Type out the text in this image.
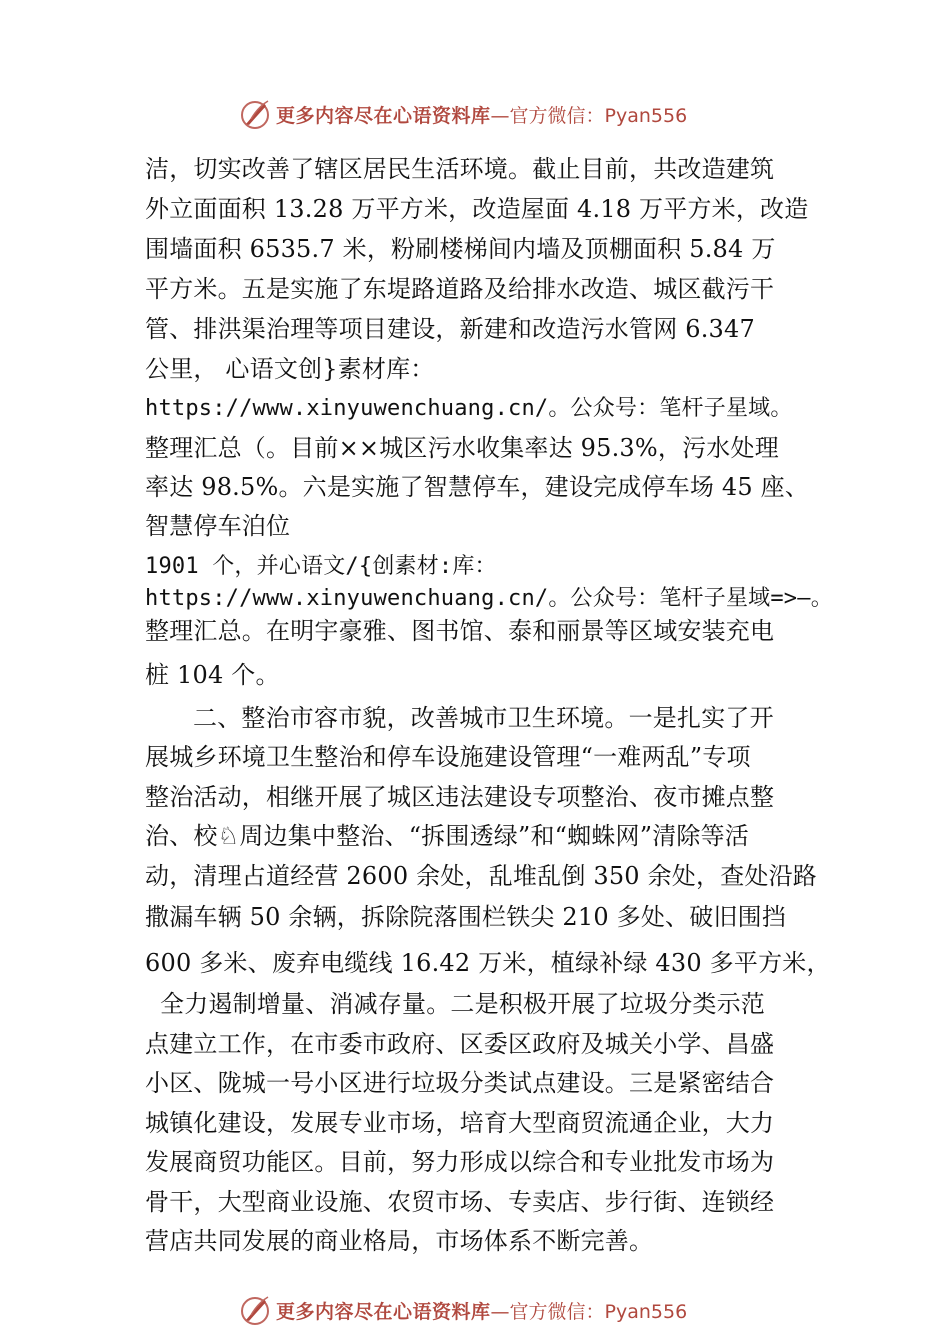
更多内容尽在心语资料库 —官方微信：Pyan556
洁，切实改善了辖区居民生活环境。截止目前，共改造建筑
外立面面积 13.28 万平方米，改造屋面 4.18 万平方米，改造
围墙面积 6535.7 米，粉刷楼梯间内墙及顶棚面积 5.84 万
平方米。五是实施了东堤路道路及给排水改造、城区截污干
管、排洪渠治理等项目建设，新建和改造污水管网 6.347
公里， 心语文创}素材库：
https://www.xinyuwenchuang.cn/。公众号：笔杆子星域。
整理汇总（。目前××城区污水收集率达 95.3%，污水处理
率达 98.5%。六是实施了智慧停车，建设完成停车场 45 座、
智慧停车泊位
1901 个，并心语文/{创素材:库：
https://www.xinyuwenchuang.cn/。公众号：笔杆子星域=>—。
整理汇总。在明宇豪雅、图书馆、泰和丽景等区域安装充电
桩 104 个。
二、整治市容市貌，改善城市卫生环境。一是扎实了开
展城乡环境卫生整治和停车设施建设管理“一难两乱”专项
整治活动，相继开展了城区违法建设专项整治、夜市摊点整
治、校♘周边集中整治、“拆围透绿”和“蜘蛛网”清除等活
动，清理占道经营 2600 余处，乱堆乱倒 350 余处，查处沿路
撒漏车辆 50 余辆，拆除院落围栏铁尖 210 多处、破旧围挡
600 多米、废弃电缆线 16.42 万米，植绿补绿 430 多平方米，
全力遏制增量、消减存量。二是积极开展了垃圾分类示范
点建立工作，在市委市政府、区委区政府及城关小学、昌盛
小区、陇城一号小区进行垃圾分类试点建设。三是紧密结合
城镇化建设，发展专业市场，培育大型商贸流通企业，大力
发展商贸功能区。目前，努力形成以综合和专业批发市场为
骨干，大型商业设施、农贸市场、专卖店、步行街、连锁经
营店共同发展的商业格局，市场体系不断完善。
更多内容尽在心语资料库 —官方微信：Pyan556
